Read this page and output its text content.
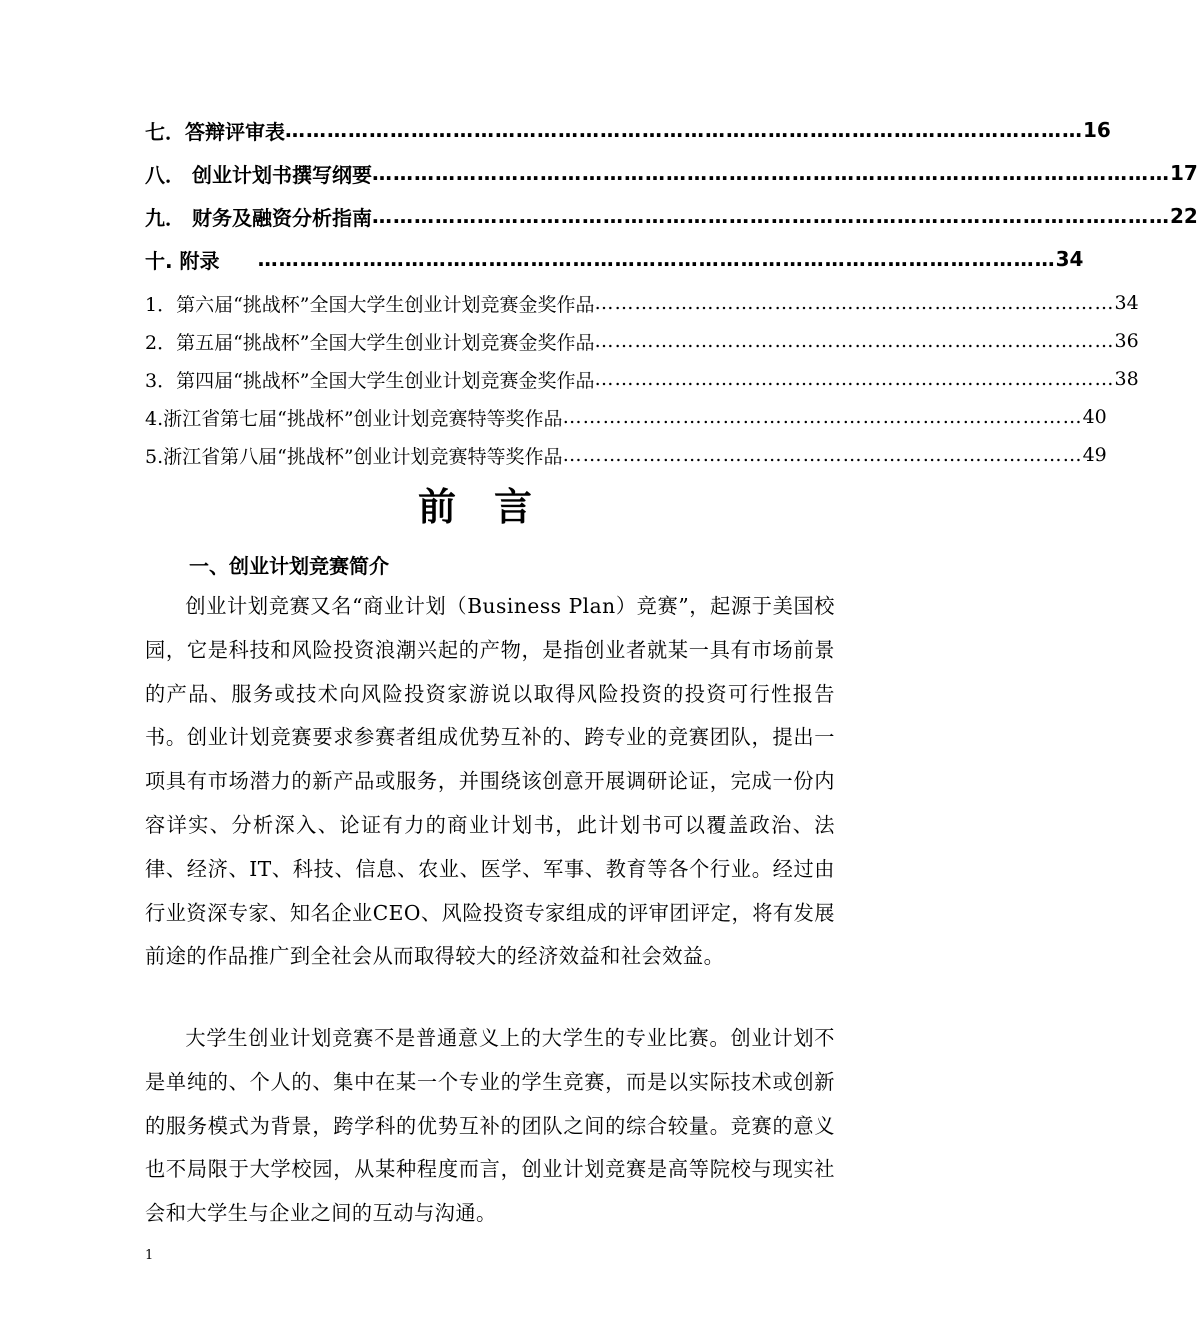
七．答辩评审表 …………………………………………………………………………………………………… 16
八． 创业计划书撰写纲要 …………………………………………………………………………………………………… 17
九． 财务及融资分析指南 …………………………………………………………………………………………………… 22
十. 附录 …………………………………………………………………………………………………… 34
1．第六届“挑战杯”全国大学生创业计划竞赛金奖作品 …………………………………………………………………… 34
2．第五届“挑战杯”全国大学生创业计划竞赛金奖作品 …………………………………………………………………… 36
3．第四届“挑战杯”全国大学生创业计划竞赛金奖作品 …………………………………………………………………… 38
4.浙江省第七届“挑战杯”创业计划竞赛特等奖作品 …………………………………………………………………… 40
5.浙江省第八届“挑战杯”创业计划竞赛特等奖作品 …………………………………………………………………… 49
前言
一、创业计划竞赛简介

创业计划竞赛又名“商业计划（Business Plan）竞赛”，起源于美国校园，它是科技和风险投资浪潮兴起的产物，是指创业者就某一具有市场前景的产品、服务或技术向风险投资家游说以取得风险投资的投资可行性报告书。创业计划竞赛要求参赛者组成优势互补的、跨专业的竞赛团队，提出一项具有市场潜力的新产品或服务，并围绕该创意开展调研论证，完成一份内容详实、分析深入、论证有力的商业计划书，此计划书可以覆盖政治、法律、经济、IT、科技、信息、农业、医学、军事、教育等各个行业。经过由行业资深专家、知名企业CEO、风险投资专家组成的评审团评定，将有发展前途的作品推广到全社会从而取得较大的经济效益和社会效益。

大学生创业计划竞赛不是普通意义上的大学生的专业比赛。创业计划不是单纯的、个人的、集中在某一个专业的学生竞赛，而是以实际技术或创新的服务模式为背景，跨学科的优势互补的团队之间的综合较量。竞赛的意义也不局限于大学校园，从某种程度而言，创业计划竞赛是高等院校与现实社会和大学生与企业之间的互动与沟通。

1
